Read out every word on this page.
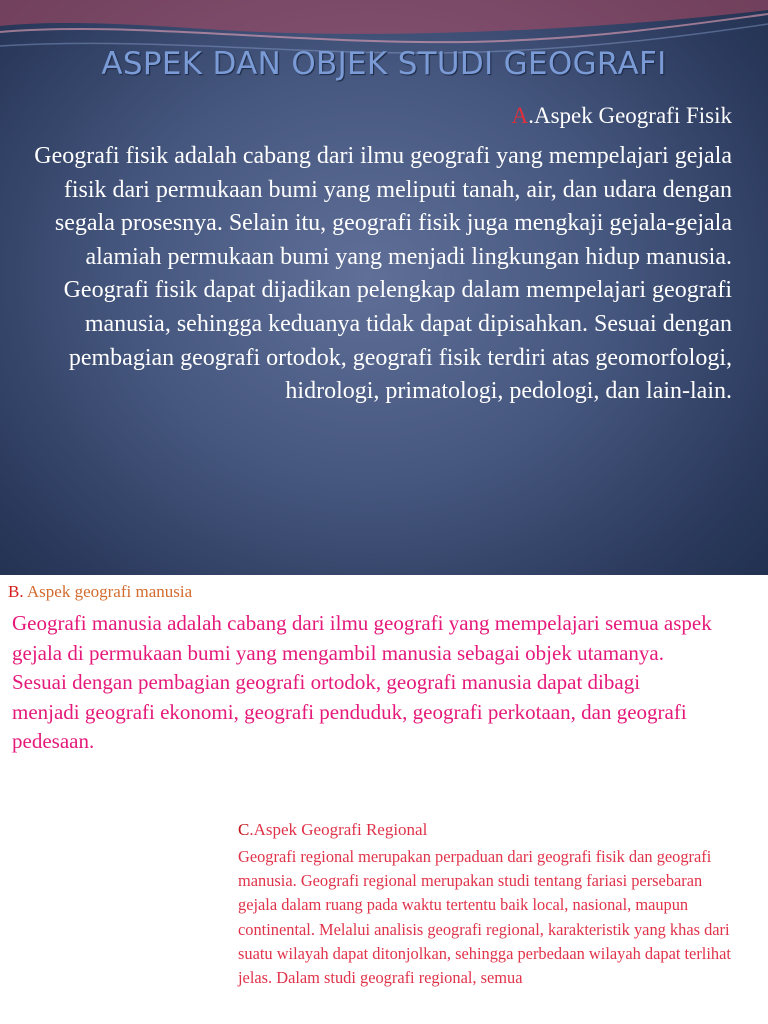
ASPEK DAN OBJEK STUDI GEOGRAFI

A.Aspek Geografi Fisik

Geografi fisik adalah cabang dari ilmu geografi yang mempelajari gejala fisik dari permukaan bumi yang meliputi tanah, air, dan udara dengan segala prosesnya. Selain itu, geografi fisik juga mengkaji gejala-gejala alamiah permukaan bumi yang menjadi lingkungan hidup manusia. Geografi fisik dapat dijadikan pelengkap dalam mempelajari geografi manusia, sehingga keduanya tidak dapat dipisahkan. Sesuai dengan pembagian geografi ortodok, geografi fisik terdiri atas geomorfologi, hidrologi, primatologi, pedologi, dan lain-lain.

B. Aspek geografi manusia

Geografi manusia adalah cabang dari ilmu geografi yang mempelajari semua aspek gejala di permukaan bumi yang mengambil manusia sebagai objek utamanya. Sesuai dengan pembagian geografi ortodok, geografi manusia dapat dibagi menjadi geografi ekonomi, geografi penduduk, geografi perkotaan, dan geografi pedesaan.

C.Aspek Geografi Regional

Geografi regional merupakan perpaduan dari geografi fisik dan geografi manusia. Geografi regional merupakan studi tentang fariasi persebaran gejala dalam ruang pada waktu tertentu baik local, nasional, maupun continental. Melalui analisis geografi regional, karakteristik yang khas dari suatu wilayah dapat ditonjolkan, sehingga perbedaan wilayah dapat terlihat jelas. Dalam studi geografi regional, semua
